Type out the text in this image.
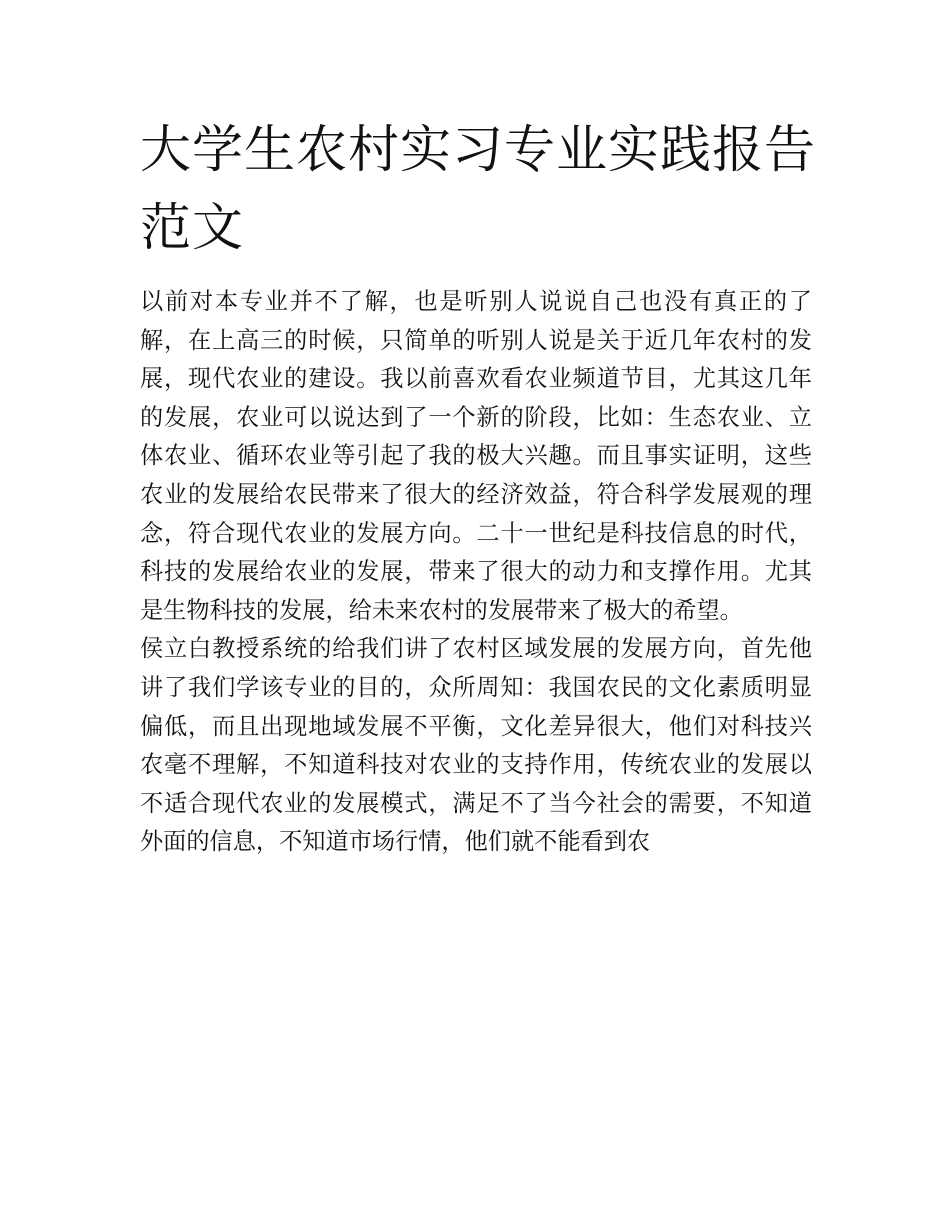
大学生农村实习专业实践报告范文

以前对本专业并不了解，也是听别人说说自己也没有真正的了解，在上高三的时候，只简单的听别人说是关于近几年农村的发展，现代农业的建设。我以前喜欢看农业频道节目，尤其这几年的发展，农业可以说达到了一个新的阶段，比如：生态农业、立体农业、循环农业等引起了我的极大兴趣。而且事实证明，这些农业的发展给农民带来了很大的经济效益，符合科学发展观的理念，符合现代农业的发展方向。二十一世纪是科技信息的时代，科技的发展给农业的发展，带来了很大的动力和支撑作用。尤其是生物科技的发展，给未来农村的发展带来了极大的希望。

侯立白教授系统的给我们讲了农村区域发展的发展方向，首先他讲了我们学该专业的目的，众所周知：我国农民的文化素质明显偏低，而且出现地域发展不平衡，文化差异很大，他们对科技兴农毫不理解，不知道科技对农业的支持作用，传统农业的发展以不适合现代农业的发展模式，满足不了当今社会的需要，不知道外面的信息，不知道市场行情，他们就不能看到农
